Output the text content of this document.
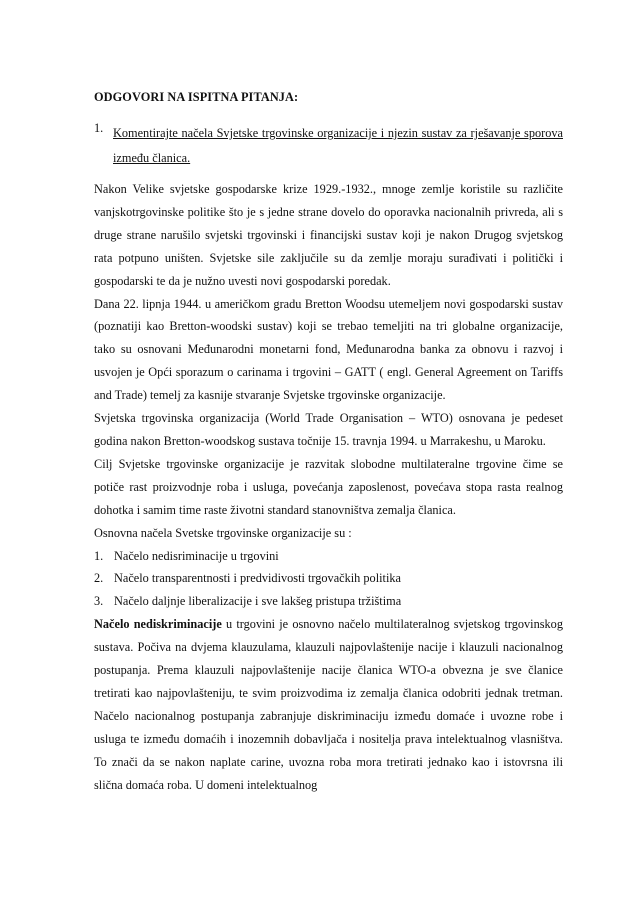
ODGOVORI NA ISPITNA PITANJA:
1. Komentirajte načela Svjetske trgovinske organizacije i njezin sustav za rješavanje sporova između članica.

Nakon Velike svjetske gospodarske krize 1929.-1932., mnoge zemlje koristile su različite vanjskotrgovinske politike što je s jedne strane dovelo do oporavka nacionalnih privreda, ali s druge strane narušilo svjetski trgovinski i financijski sustav koji je nakon Drugog svjetskog rata potpuno uništen. Svjetske sile zaključile su da zemlje moraju surađivati i politički i gospodarski te da je nužno uvesti novi gospodarski poredak.

Dana 22. lipnja 1944. u američkom gradu Bretton Woodsu utemeljem novi gospodarski sustav (poznatiji kao Bretton-woodski sustav) koji se trebao temeljiti na tri globalne organizacije, tako su osnovani Međunarodni monetarni fond, Međunarodna banka za obnovu i razvoj i usvojen je Opći sporazum o carinama i trgovini – GATT ( engl. General Agreement on Tariffs and Trade) temelj za kasnije stvaranje Svjetske trgovinske organizacije.

Svjetska trgovinska organizacija (World Trade Organisation – WTO) osnovana je pedeset godina nakon Bretton-woodskog sustava točnije 15. travnja 1994. u Marrakeshu, u Maroku.

Cilj Svjetske trgovinske organizacije je razvitak slobodne multilateralne trgovine čime se potiče rast proizvodnje roba i usluga, povećanja zaposlenost, povećava stopa rasta realnog dohotka i samim time raste životni standard stanovništva zemalja članica.

Osnovna načela Svetske trgovinske organizacije su :

1. Načelo nedisriminacije u trgovini
2. Načelo transparentnosti i predvidivosti trgovačkih politika
3. Načelo daljnje liberalizacije i sve lakšeg pristupa tržištima

Načelo nediskriminacije u trgovini je osnovno načelo multilateralnog svjetskog trgovinskog sustava. Počiva na dvjema klauzulama, klauzuli najpovlaštenije nacije i klauzuli nacionalnog postupanja. Prema klauzuli najpovlaštenije nacije članica WTO-a obvezna je sve članice tretirati kao najpovlašteniju, te svim proizvodima iz zemalja članica odobriti jednak tretman. Načelo nacionalnog postupanja zabranjuje diskriminaciju između domaće i uvozne robe i usluga te između domaćih i inozemnih dobavljača i nositelja prava intelektualnog vlasništva. To znači da se nakon naplate carine, uvozna roba mora tretirati jednako kao i istovrsna ili slična domaća roba. U domeni intelektualnog
